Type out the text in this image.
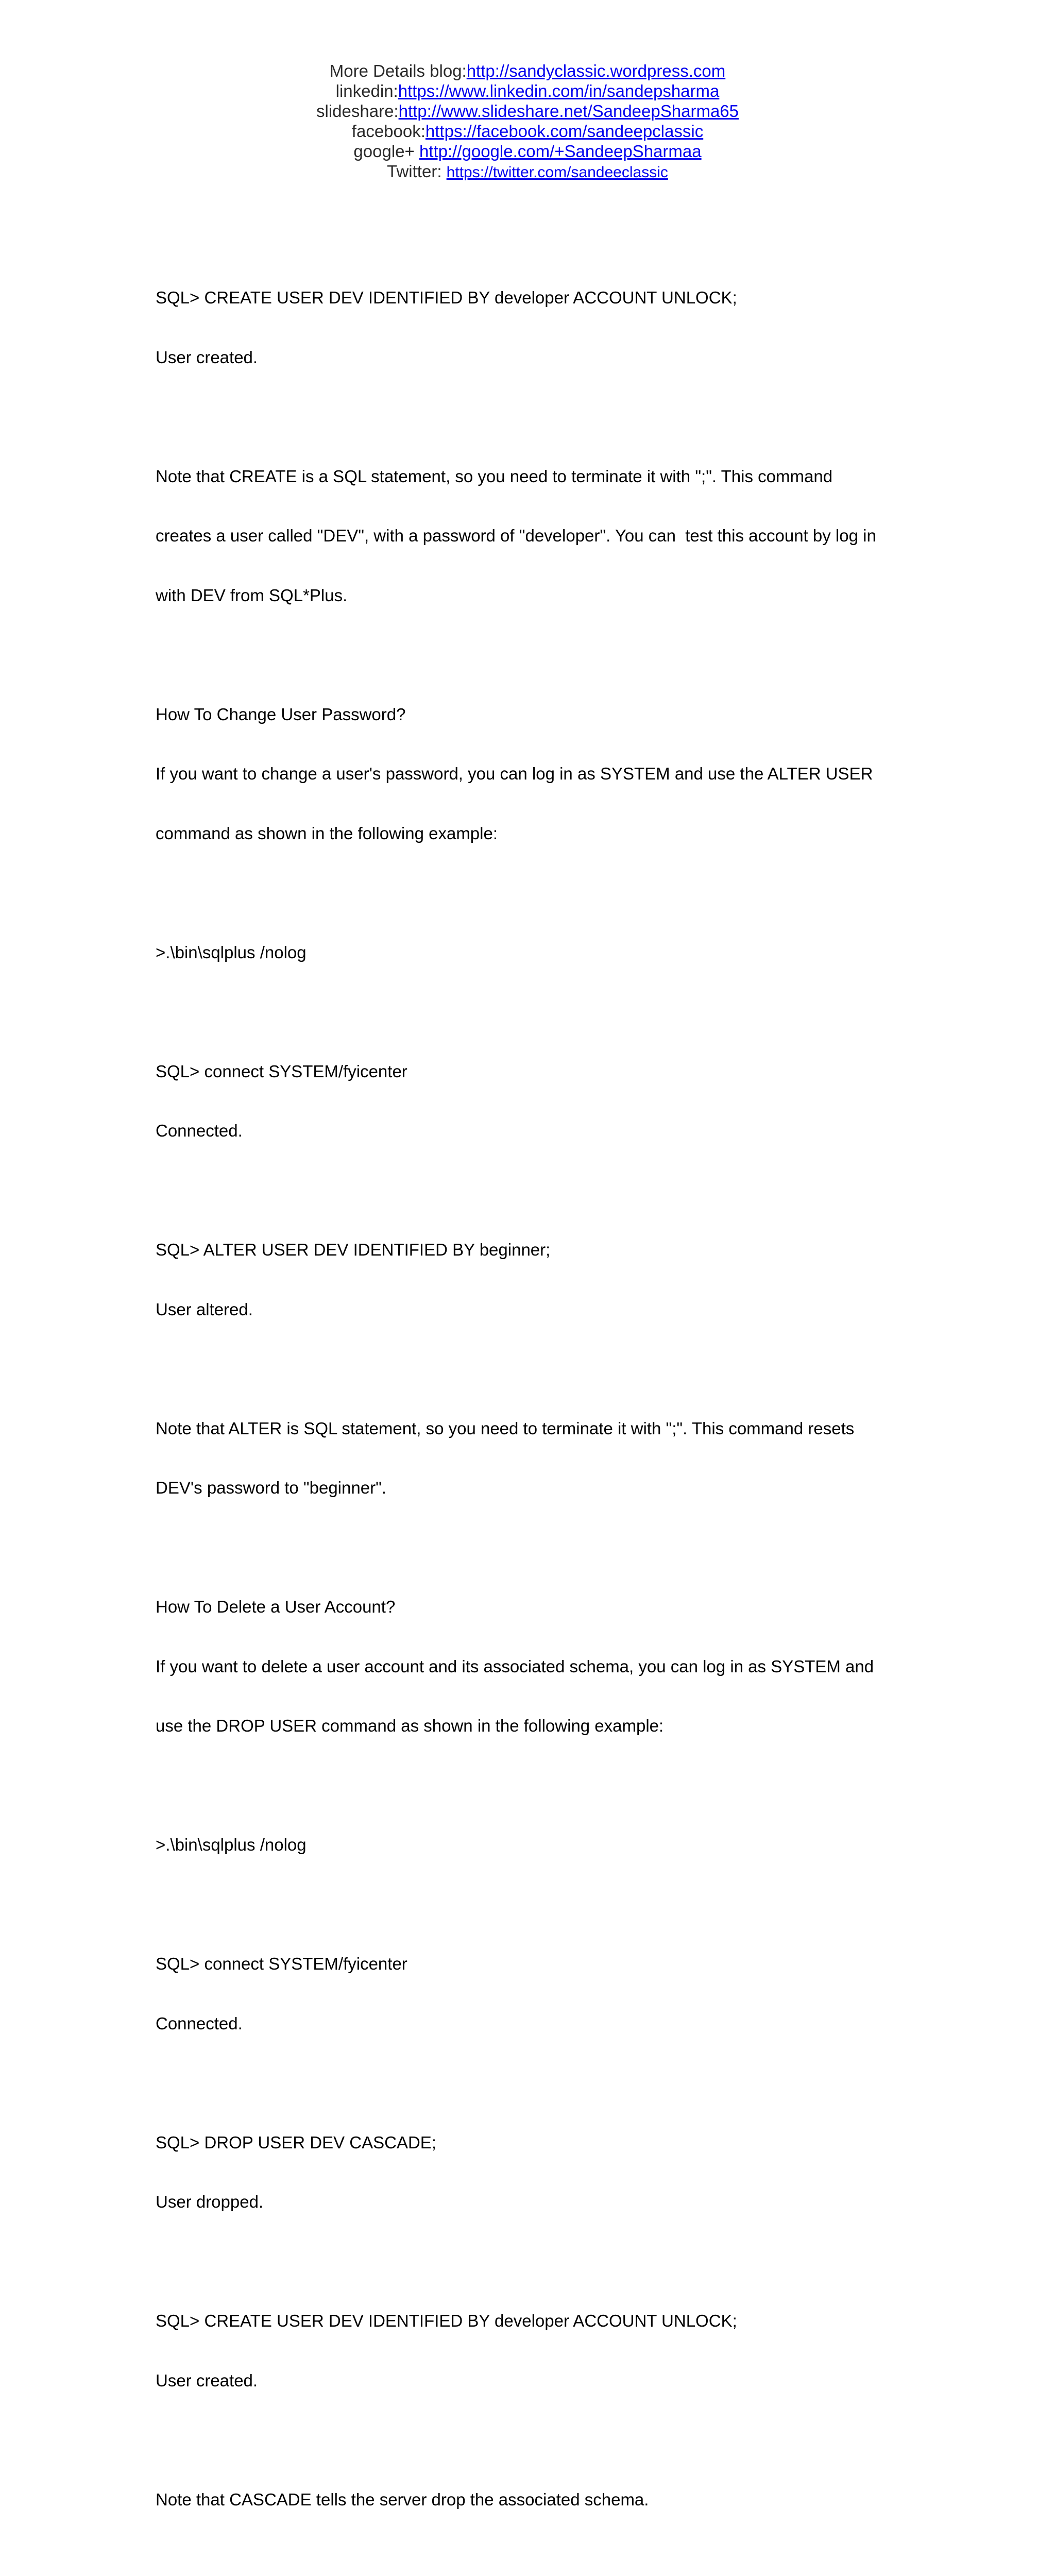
More Details blog:http://sandyclassic.wordpress.com
linkedin:https://www.linkedin.com/in/sandepsharma
slideshare:http://www.slideshare.net/SandeepSharma65
facebook:https://facebook.com/sandeepclassic
google+ http://google.com/+SandeepSharmaa
Twitter: https://twitter.com/sandeeclassic

SQL> CREATE USER DEV IDENTIFIED BY developer ACCOUNT UNLOCK;

User created.

Note that CREATE is a SQL statement, so you need to terminate it with ";". This command

creates a user called "DEV", with a password of "developer". You can  test this account by log in

with DEV from SQL*Plus.

How To Change User Password?

If you want to change a user's password, you can log in as SYSTEM and use the ALTER USER

command as shown in the following example:

>.\bin\sqlplus /nolog

SQL> connect SYSTEM/fyicenter

Connected.

SQL> ALTER USER DEV IDENTIFIED BY beginner;

User altered.

Note that ALTER is SQL statement, so you need to terminate it with ";". This command resets

DEV's password to "beginner".

How To Delete a User Account?

If you want to delete a user account and its associated schema, you can log in as SYSTEM and

use the DROP USER command as shown in the following example:

>.\bin\sqlplus /nolog

SQL> connect SYSTEM/fyicenter

Connected.

SQL> DROP USER DEV CASCADE;

User dropped.

SQL> CREATE USER DEV IDENTIFIED BY developer ACCOUNT UNLOCK;

User created.

Note that CASCADE tells the server drop the associated schema.
